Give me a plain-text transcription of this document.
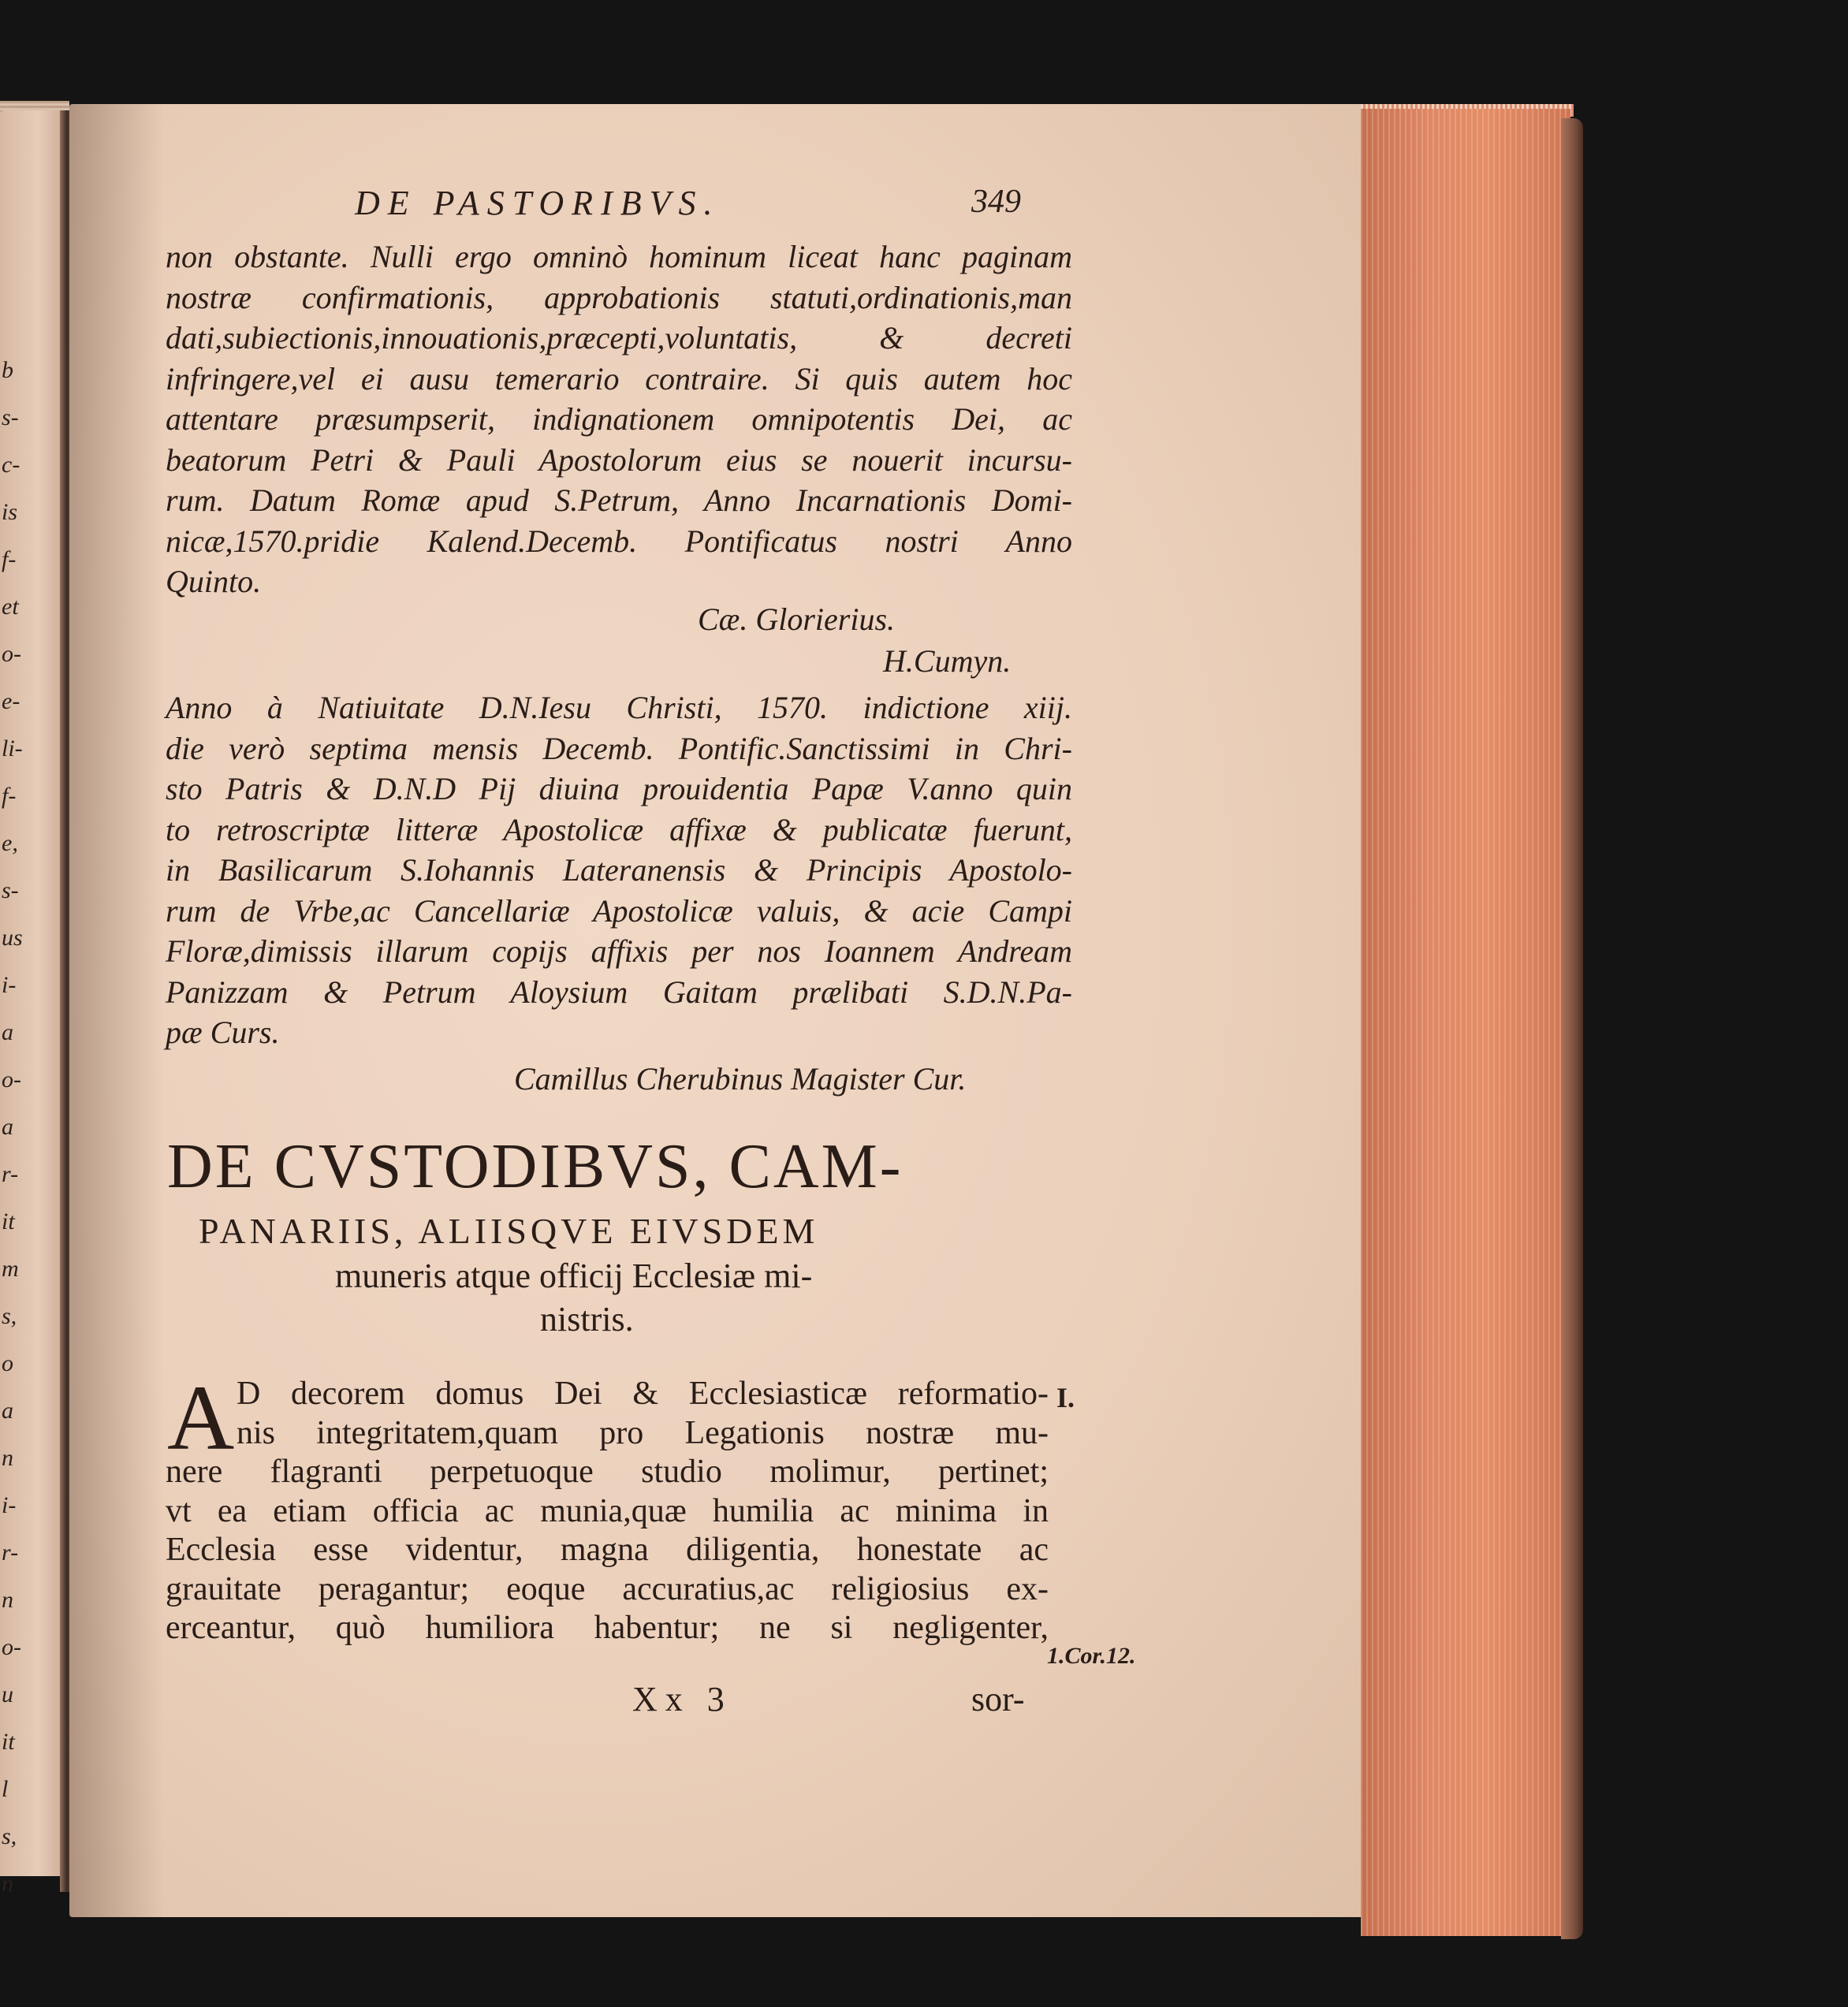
b
s-
c-
is
f-
et
o-
e-
li-
f-
e,
s-
us
i-
a
o-
a
r-
it
m
s,
o
a
n
i-
r-
n
o-
u
it
l
s,
n
DE PASTORIBVS.	349
non obstante. Nulli ergo omninò hominum liceat hanc paginam
nostræ confirmationis, approbationis statuti,ordinationis,man
dati,subiectionis,innouationis,præcepti,voluntatis, & decreti
infringere,vel ei ausu temerario contraire. Si quis autem hoc
attentare præsumpserit, indignationem omnipotentis Dei, ac
beatorum Petri & Pauli Apostolorum eius se nouerit incursu-
rum. Datum Romæ apud S.Petrum, Anno Incarnationis Domi-
nicæ,1570.pridie Kalend.Decemb. Pontificatus nostri Anno
Quinto.
Cæ. Glorierius.
H.Cumyn.
Anno à Natiuitate D.N.Iesu Christi, 1570. indictione xiij.
die verò septima mensis Decemb. Pontific.Sanctissimi in Chri-
sto Patris & D.N.D Pij diuina prouidentia Papæ V.anno quin
to retroscriptæ litteræ Apostolicæ affixæ & publicatæ fuerunt,
in Basilicarum S.Iohannis Lateranensis & Principis Apostolo-
rum de Vrbe,ac Cancellariæ Apostolicæ valuis, & acie Campi
Floræ,dimissis illarum copijs affixis per nos Ioannem Andream
Panizzam & Petrum Aloysium Gaitam prælibati S.D.N.Pa-
pæ Curs.
Camillus Cherubinus Magister Cur.
DE CVSTODIBVS, CAM-
PANARIIS, ALIISQVE EIVSDEM
muneris atque officij Ecclesiæ mi-
nistris.
A D decorem domus Dei & Ecclesiasticæ reformatio-
nis integritatem,quam pro Legationis nostræ mu-
nere flagranti perpetuoque studio molimur, pertinet;
vt ea etiam officia ac munia,quæ humilia ac minima in
Ecclesia esse videntur, magna diligentia, honestate ac
grauitate peragantur; eoque accuratius,ac religiosius ex-
erceantur, quò humiliora habentur; ne si negligenter,
I.
1.Cor.12.
Xx 3	sor-
